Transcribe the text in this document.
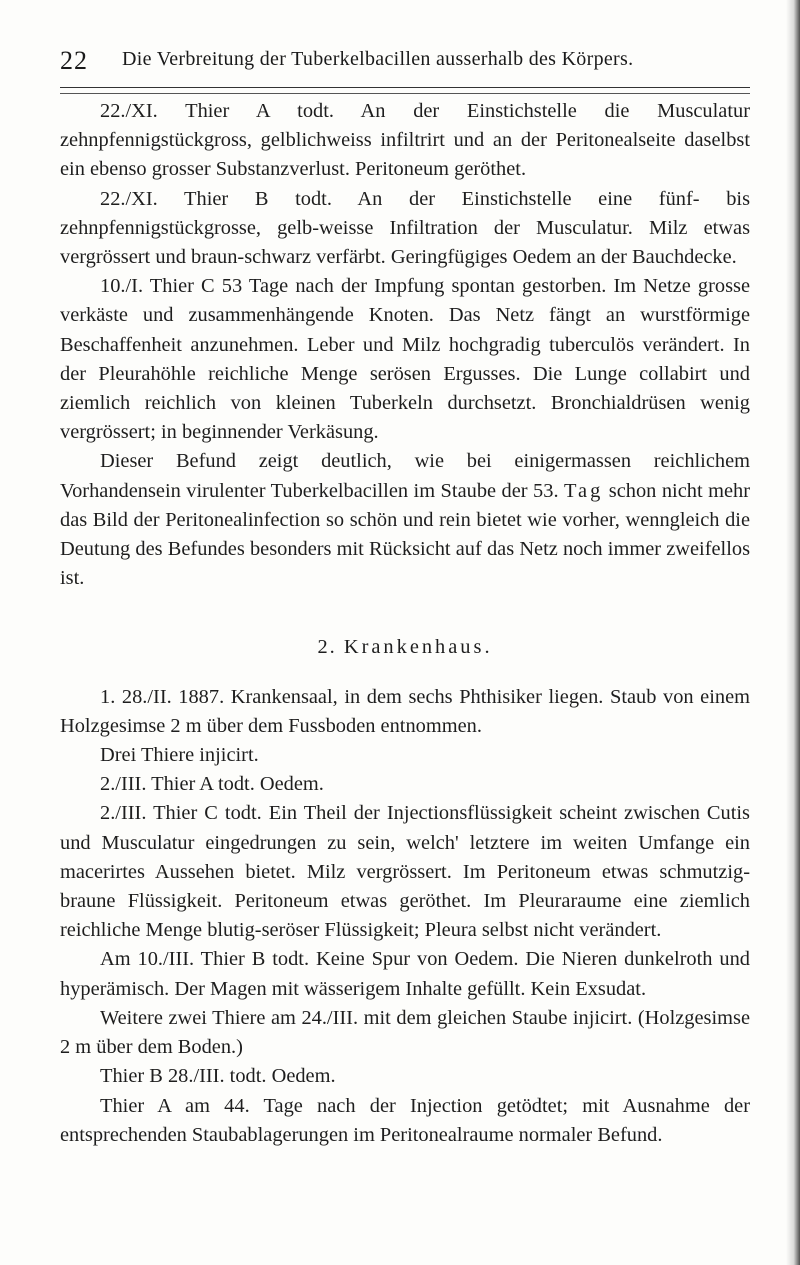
22 Die Verbreitung der Tuberkelbacillen ausserhalb des Körpers.

22./XI. Thier A todt. An der Einstichstelle die Musculatur zehnpfennigstückgross, gelblichweiss infiltrirt und an der Peritonealseite daselbst ein ebenso grosser Substanzverlust. Peritoneum geröthet.

22./XI. Thier B todt. An der Einstichstelle eine fünf- bis zehnpfennigstückgrosse, gelb-weisse Infiltration der Musculatur. Milz etwas vergrössert und braun-schwarz verfärbt. Geringfügiges Oedem an der Bauchdecke.

10./I. Thier C 53 Tage nach der Impfung spontan gestorben. Im Netze grosse verkäste und zusammenhängende Knoten. Das Netz fängt an wurstförmige Beschaffenheit anzunehmen. Leber und Milz hochgradig tuberculös verändert. In der Pleurahöhle reichliche Menge serösen Ergusses. Die Lunge collabirt und ziemlich reichlich von kleinen Tuberkeln durchsetzt. Bronchialdrüsen wenig vergrössert; in beginnender Verkäsung.

Dieser Befund zeigt deutlich, wie bei einigermassen reichlichem Vorhandensein virulenter Tuberkelbacillen im Staube der 53. Tag schon nicht mehr das Bild der Peritonealinfection so schön und rein bietet wie vorher, wenngleich die Deutung des Befundes besonders mit Rücksicht auf das Netz noch immer zweifellos ist.

2. Krankenhaus.

1. 28./II. 1887. Krankensaal, in dem sechs Phthisiker liegen. Staub von einem Holzgesimse 2 m über dem Fussboden entnommen.

Drei Thiere injicirt.

2./III. Thier A todt. Oedem.

2./III. Thier C todt. Ein Theil der Injectionsflüssigkeit scheint zwischen Cutis und Musculatur eingedrungen zu sein, welch' letztere im weiten Umfange ein macerirtes Aussehen bietet. Milz vergrössert. Im Peritoneum etwas schmutzig-braune Flüssigkeit. Peritoneum etwas geröthet. Im Pleuraraume eine ziemlich reichliche Menge blutig-seröser Flüssigkeit; Pleura selbst nicht verändert.

Am 10./III. Thier B todt. Keine Spur von Oedem. Die Nieren dunkelroth und hyperämisch. Der Magen mit wässerigem Inhalte gefüllt. Kein Exsudat.

Weitere zwei Thiere am 24./III. mit dem gleichen Staube injicirt. (Holzgesimse 2 m über dem Boden.)

Thier B 28./III. todt. Oedem.

Thier A am 44. Tage nach der Injection getödtet; mit Ausnahme der entsprechenden Staubablagerungen im Peritonealraume normaler Befund.
